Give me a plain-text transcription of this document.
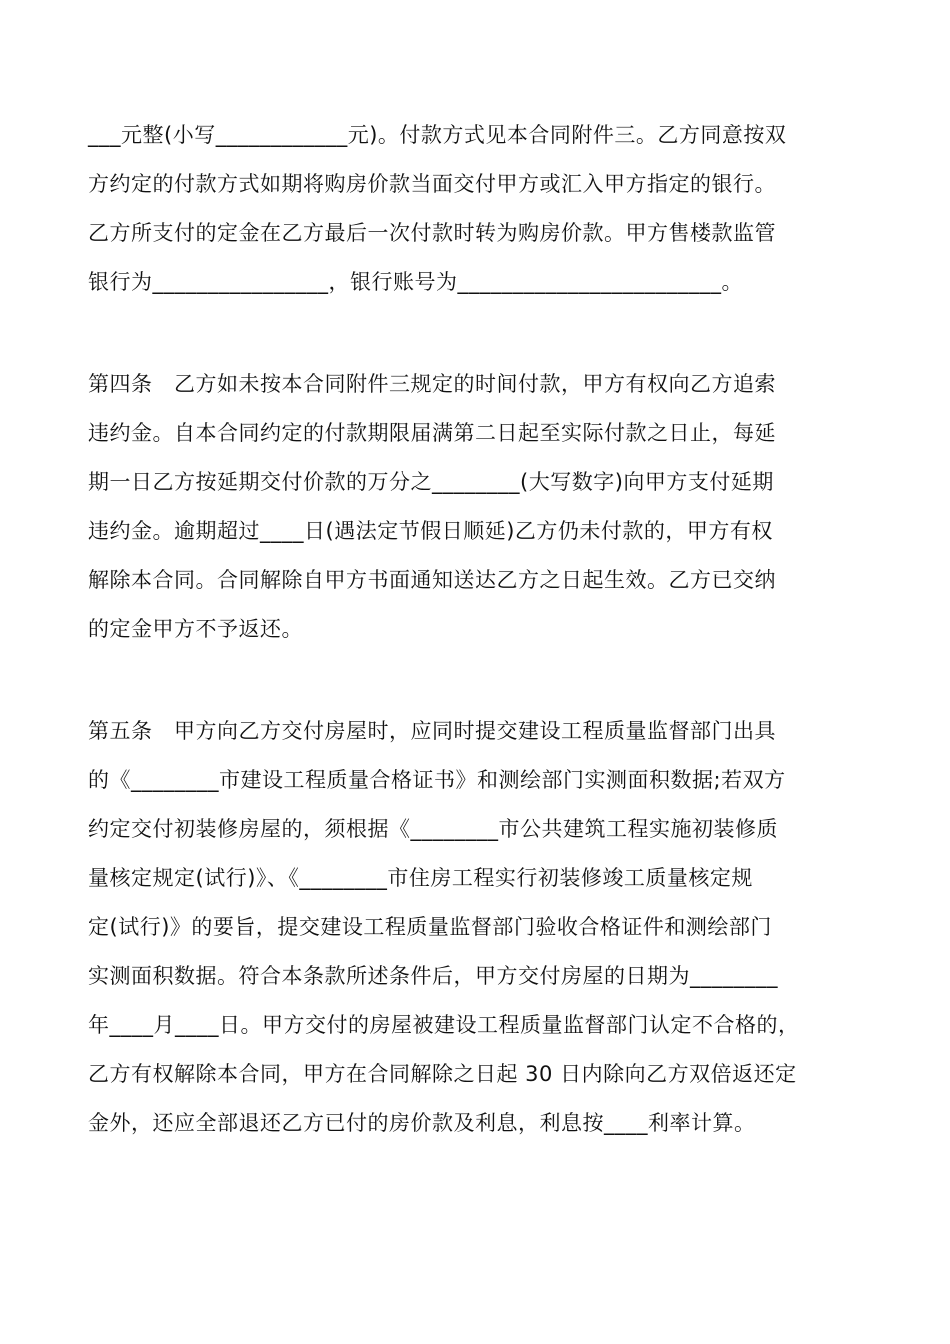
___元整(小写____________元)。付款方式见本合同附件三。乙方同意按双
方约定的付款方式如期将购房价款当面交付甲方或汇入甲方指定的银行。
乙方所支付的定金在乙方最后一次付款时转为购房价款。甲方售楼款监管
银行为________________，银行账号为________________________。
第四条　乙方如未按本合同附件三规定的时间付款，甲方有权向乙方追索
违约金。自本合同约定的付款期限届满第二日起至实际付款之日止，每延
期一日乙方按延期交付价款的万分之________(大写数字)向甲方支付延期
违约金。逾期超过____日(遇法定节假日顺延)乙方仍未付款的，甲方有权
解除本合同。合同解除自甲方书面通知送达乙方之日起生效。乙方已交纳
的定金甲方不予返还。
第五条　甲方向乙方交付房屋时，应同时提交建设工程质量监督部门出具
的《________市建设工程质量合格证书》和测绘部门实测面积数据;若双方
约定交付初装修房屋的，须根据《________市公共建筑工程实施初装修质
量核定规定(试行)》、《________市住房工程实行初装修竣工质量核定规
定(试行)》的要旨，提交建设工程质量监督部门验收合格证件和测绘部门
实测面积数据。符合本条款所述条件后，甲方交付房屋的日期为________
年____月____日。甲方交付的房屋被建设工程质量监督部门认定不合格的，
乙方有权解除本合同，甲方在合同解除之日起 30 日内除向乙方双倍返还定
金外，还应全部退还乙方已付的房价款及利息，利息按____利率计算。
